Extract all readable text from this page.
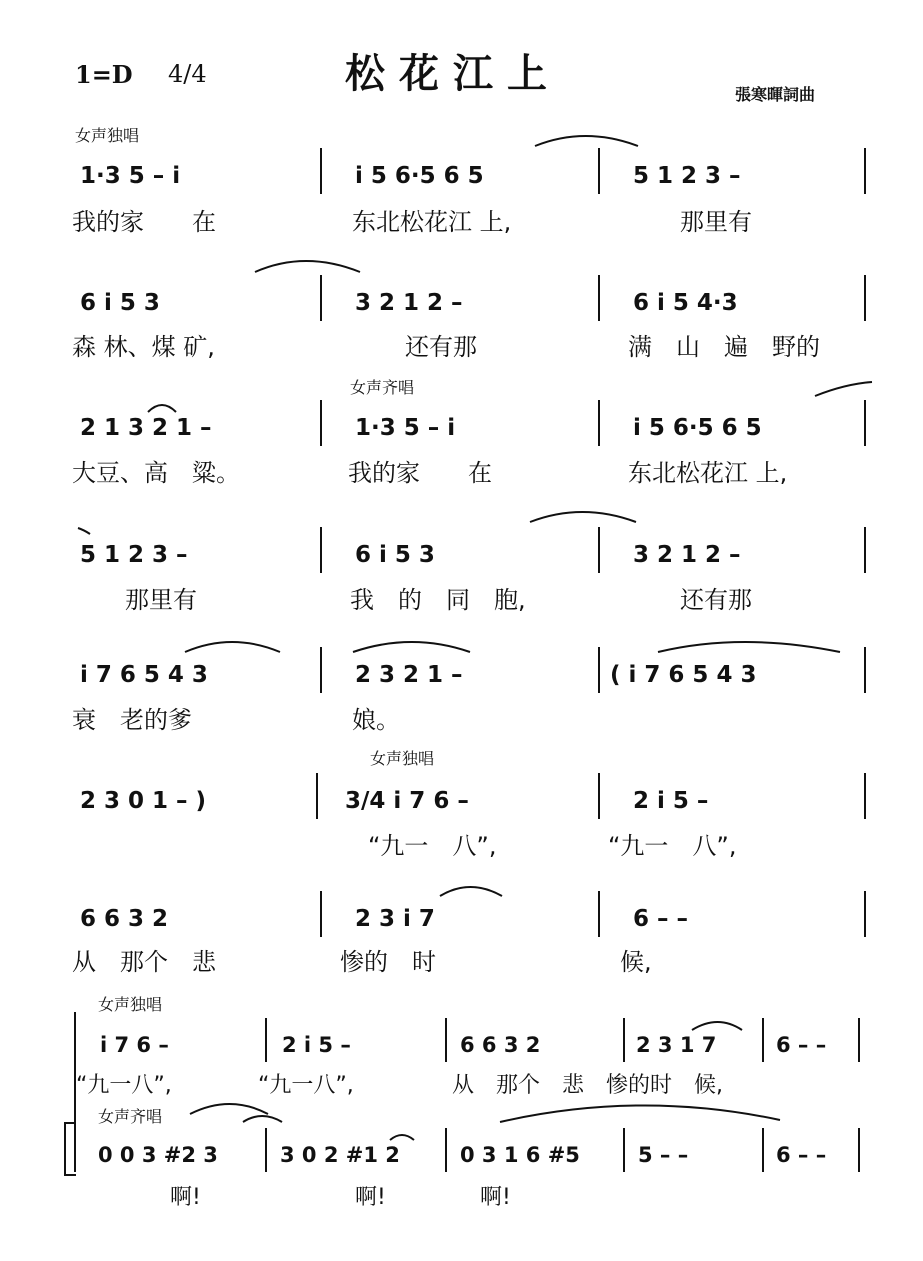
1=D 4/4	松花江上	張寒暉詞曲
女声独唱
女声齐唱
女声独唱
女声独唱
女声齐唱
1·3 5 – i	i 5 6·5 6 5	5 1 2 3 –
我的家　　在	东北松花江 上,	那里有
6 i 5 3	3 2 1 2 –	6 i 5 4·3
森 林、煤 矿,	还有那	满　山　遍　野的
2 1 3 2 1 –	1·3 5 – i	i 5 6·5 6 5
大豆、高　粱。	我的家　　在	东北松花江 上,
5 1 2 3 –	6 i 5 3	3 2 1 2 –
那里有	我　的　同　胞,	还有那
i 7 6 5 4 3	2 3 2 1 –	( i 7 6 5 4 3
衰　老的爹	娘。
2 3 0 1 – )	3/4 i 7 6 –	2 i 5 –
“九一　八”,	“九一　八”,
6 6 3 2	2 3 i 7	6 – –
从　那个　悲	惨的　时	候,
i 7 6 –	2 i 5 –	6 6 3 2	2 3 1 7	6 – –
“九一八”,	“九一八”,	从　那个　悲　惨的时　候,
0 0 3 #2 3	3 0 2 #1 2	0 3 1 6 #5	5 – –	6 – –
啊!	啊!	啊!
